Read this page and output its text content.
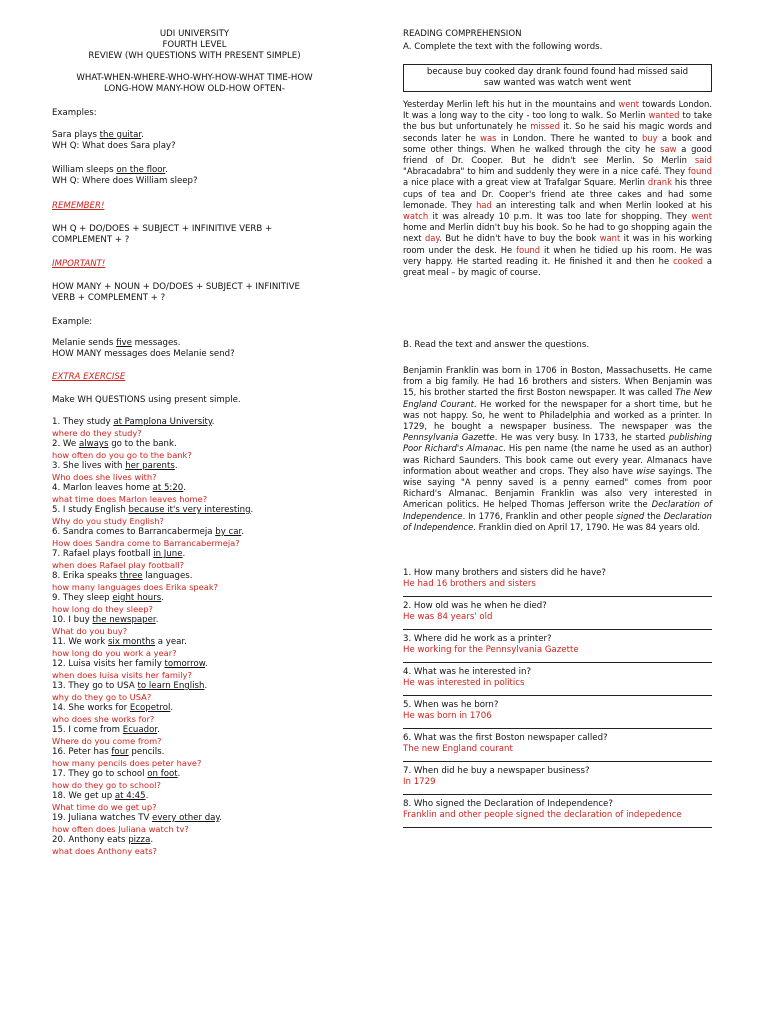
UDI UNIVERSITY

FOURTH LEVEL

REVIEW (WH QUESTIONS WITH PRESENT SIMPLE)

WHAT-WHEN-WHERE-WHO-WHY-HOW-WHAT TIME-HOW

LONG-HOW MANY-HOW OLD-HOW OFTEN-

Examples:

Sara plays the guitar.

WH Q: What does Sara play?

William sleeps on the floor.

WH Q: Where does William sleep?

REMEMBER!

WH Q + DO/DOES + SUBJECT + INFINITIVE VERB +

COMPLEMENT + ?

IMPORTANT!

HOW MANY + NOUN + DO/DOES + SUBJECT + INFINITIVE

VERB + COMPLEMENT + ?

Example:

Melanie sends five messages.

HOW MANY messages does Melanie send?

EXTRA EXERCISE

Make WH QUESTIONS using present simple.

1. They study at Pamplona University.

where do they study?

2. We always go to the bank.

how often do you go to the bank?

3. She lives with her parents.

Who does she lives with?

4. Marlon leaves home at 5:20.

what time does Marlon leaves home?

5. I study English because it's very interesting.

Why do you study English?

6. Sandra comes to Barrancabermeja by car.

How does Sandra come to Barrancabermeja?

7. Rafael plays football in June.

when does Rafael play football?

8. Erika speaks three languages.

how many languages does Erika speak?

9. They sleep eight hours.

how long do they sleep?

10. I buy the newspaper.

What do you buy?

11. We work six months a year.

how long do you work a year?

12. Luisa visits her family tomorrow.

when does luisa visits her family?

13. They go to USA to learn English.

why do they go to USA?

14. She works for Ecopetrol.

who does she works for?

15. I come from Ecuador.

Where do you come from?

16. Peter has four pencils.

how many pencils does peter have?

17. They go to school on foot.

how do they go to school?

18. We get up at 4:45.

What time do we get up?

19. Juliana watches TV every other day.

how often does Juliana watch tv?

20. Anthony eats pizza.

what does Anthony eats?

READING COMPREHENSION

A. Complete the text with the following words.

because buy cooked day drank found found had missed said
saw wanted was watch went went

Yesterday Merlin left his hut in the mountains and went towards London. It was a long way to the city - too long to walk. So Merlin wanted to take the bus but unfortunately he missed it. So he said his magic words and seconds later he was in London. There he wanted to buy a book and some other things. When he walked through the city he saw a good friend of Dr. Cooper. But he didn't see Merlin. So Merlin said "Abracadabra" to him and suddenly they were in a nice café. They found a nice place with a great view at Trafalgar Square. Merlin drank his three cups of tea and Dr. Cooper's friend ate three cakes and had some lemonade. They had an interesting talk and when Merlin looked at his watch it was already 10 p.m. It was too late for shopping. They went home and Merlin didn't buy his book. So he had to go shopping again the next day. But he didn't have to buy the book want it was in his working room under the desk. He found it when he tidied up his room. He was very happy. He started reading it. He finished it and then he cooked a great meal – by magic of course.

B. Read the text and answer the questions.

Benjamin Franklin was born in 1706 in Boston, Massachusetts. He came from a big family. He had 16 brothers and sisters. When Benjamin was 15, his brother started the first Boston newspaper. It was called The New England Courant. He worked for the newspaper for a short time, but he was not happy. So, he went to Philadelphia and worked as a printer. In 1729, he bought a newspaper business. The newspaper was the Pennsylvania Gazette. He was very busy. In 1733, he started publishing Poor Richard's Almanac. His pen name (the name he used as an author) was Richard Saunders. This book came out every year. Almanacs have information about weather and crops. They also have wise sayings. The wise saying "A penny saved is a penny earned" comes from poor Richard's Almanac. Benjamin Franklin was also very interested in American politics. He helped Thomas Jefferson write the Declaration of Independence. In 1776, Franklin and other people signed the Declaration of Independence. Franklin died on April 17, 1790. He was 84 years old.

1. How many brothers and sisters did he have?

He had 16 brothers and sisters

2. How old was he when he died?

He was 84 years' old

3. Where did he work as a printer?

He working for the Pennsylvania Gazette

4. What was he interested in?

He was interested in politics

5. When was he born?

He was born in 1706

6. What was the first Boston newspaper called?

The new England courant

7. When did he buy a newspaper business?

In 1729

8. Who signed the Declaration of Independence?

Franklin and other people signed the declaration of indepedence
